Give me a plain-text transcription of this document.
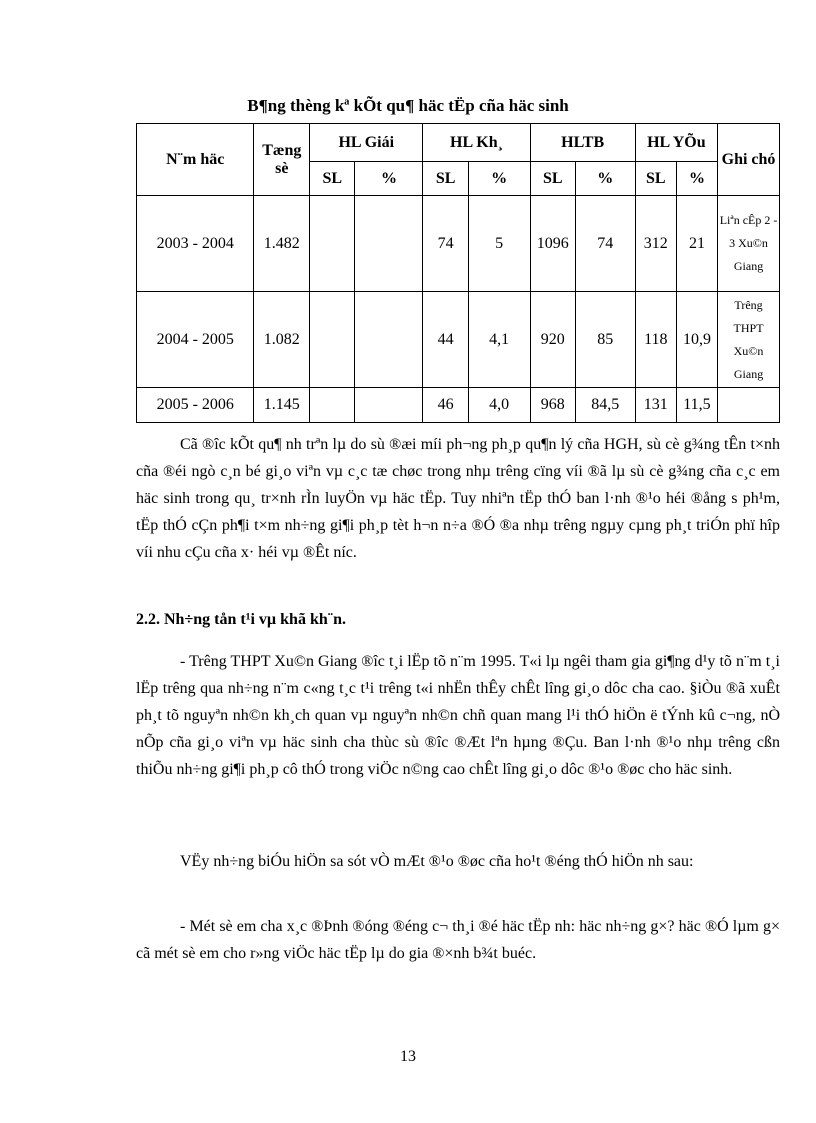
B¶ng thèng kª kÕt qu¶ häc tËp cña häc sinh
N¨m häc	Tæng sè	HL Giái		HL Kh¸		HLTB		HL YÕu		Ghi chó
		SL	%	SL	%	SL	%	SL	%	
2003 - 2004	1.482			74	5	1096	74	312	21	Liªn cÊp 2 - 3 Xu©n Giang
2004 - 2005	1.082			44	4,1	920	85	118	10,9	Trêng THPT Xu©n Giang
2005 - 2006	1.145			46	4,0	968	84,5	131	11,5	

Cã ®îc kÕt qu¶ nh trªn lµ do sù ®æi míi ph¬ng ph¸p qu¶n lý cña HGH, sù cè g¾ng tÊn t×nh cña ®éi ngò c¸n bé gi¸o viªn vµ c¸c tæ chøc trong nhµ trêng cïng víi ®ã lµ sù cè g¾ng cña c¸c em häc sinh trong qu¸ tr×nh rÌn luyÖn vµ häc tËp. Tuy nhiªn tËp thÓ ban l·nh ®¹o héi ®ång s ph¹m, tËp thÓ cÇn ph¶i t×m nh÷ng gi¶i ph¸p tèt h¬n n÷a ®Ó ®a nhµ trêng ngµy cµng ph¸t triÓn phï hîp víi nhu cÇu cña x· héi vµ ®Êt níc.

2.2. Nh÷ng tån t¹i vµ khã kh¨n.

- Trêng THPT Xu©n Giang ®îc t¸i lËp tõ n¨m 1995. T«i lµ ngêi tham gia gi¶ng d¹y tõ n¨m t¸i lËp trêng qua nh÷ng n¨m c«ng t¸c t¹i trêng t«i nhËn thÊy chÊt lîng gi¸o dôc cha cao. §iÒu ®ã xuÊt ph¸t tõ nguyªn nh©n kh¸ch quan vµ nguyªn nh©n chñ quan mang l¹i thÓ hiÖn ë tÝnh kû c¬ng, nÒ nÕp cña gi¸o viªn vµ häc sinh cha thùc sù ®îc ®Æt lªn hµng ®Çu. Ban l·nh ®¹o nhµ trêng cßn thiÕu nh÷ng gi¶i ph¸p cô thÓ trong viÖc n©ng cao chÊt lîng gi¸o dôc ®¹o ®øc cho häc sinh.

VËy nh÷ng biÓu hiÖn sa sót vÒ mÆt ®¹o ®øc cña ho¹t ®éng thÓ hiÖn nh sau:

- Mét sè em cha x¸c ®Þnh ®óng ®éng c¬ th¸i ®é häc tËp nh: häc nh÷ng g×? häc ®Ó lµm g× cã mét sè em cho r»ng viÖc häc tËp lµ do gia ®×nh b¾t buéc.

13
